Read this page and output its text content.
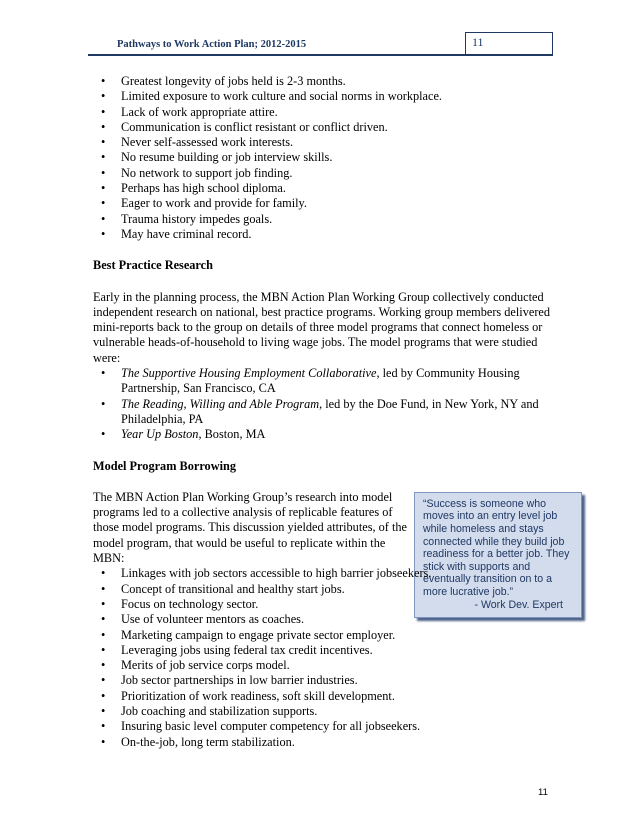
Pathways to Work Action Plan; 2012-2015	11
• Greatest longevity of jobs held is 2-3 months.
• Limited exposure to work culture and social norms in workplace.
• Lack of work appropriate attire.
• Communication is conflict resistant or conflict driven.
• Never self-assessed work interests.
• No resume building or job interview skills.
• No network to support job finding.
• Perhaps has high school diploma.
• Eager to work and provide for family.
• Trauma history impedes goals.
• May have criminal record.
Best Practice Research

Early in the planning process, the MBN Action Plan Working Group collectively conducted independent research on national, best practice programs. Working group members delivered mini-reports back to the group on details of three model programs that connect homeless or vulnerable heads-of-household to living wage jobs. The model programs that were studied were:

• The Supportive Housing Employment Collaborative, led by Community Housing Partnership, San Francisco, CA
• The Reading, Willing and Able Program, led by the Doe Fund, in New York, NY and Philadelphia, PA
• Year Up Boston, Boston, MA
Model Program Borrowing
“Success is someone who moves into an entry level job while homeless and stays connected while they build job readiness for a better job. They stick with supports and eventually transition on to a more lucrative job.”
- Work Dev. Expert

The MBN Action Plan Working Group’s research into model programs led to a collective analysis of replicable features of those model programs. This discussion yielded attributes, of the model program, that would be useful to replicate within the MBN:

• Linkages with job sectors accessible to high barrier jobseekers.
• Concept of transitional and healthy start jobs.
• Focus on technology sector.
• Use of volunteer mentors as coaches.
• Marketing campaign to engage private sector employer.
• Leveraging jobs using federal tax credit incentives.
• Merits of job service corps model.
• Job sector partnerships in low barrier industries.
• Prioritization of work readiness, soft skill development.
• Job coaching and stabilization supports.
• Insuring basic level computer competency for all jobseekers.
• On-the-job, long term stabilization.
11
